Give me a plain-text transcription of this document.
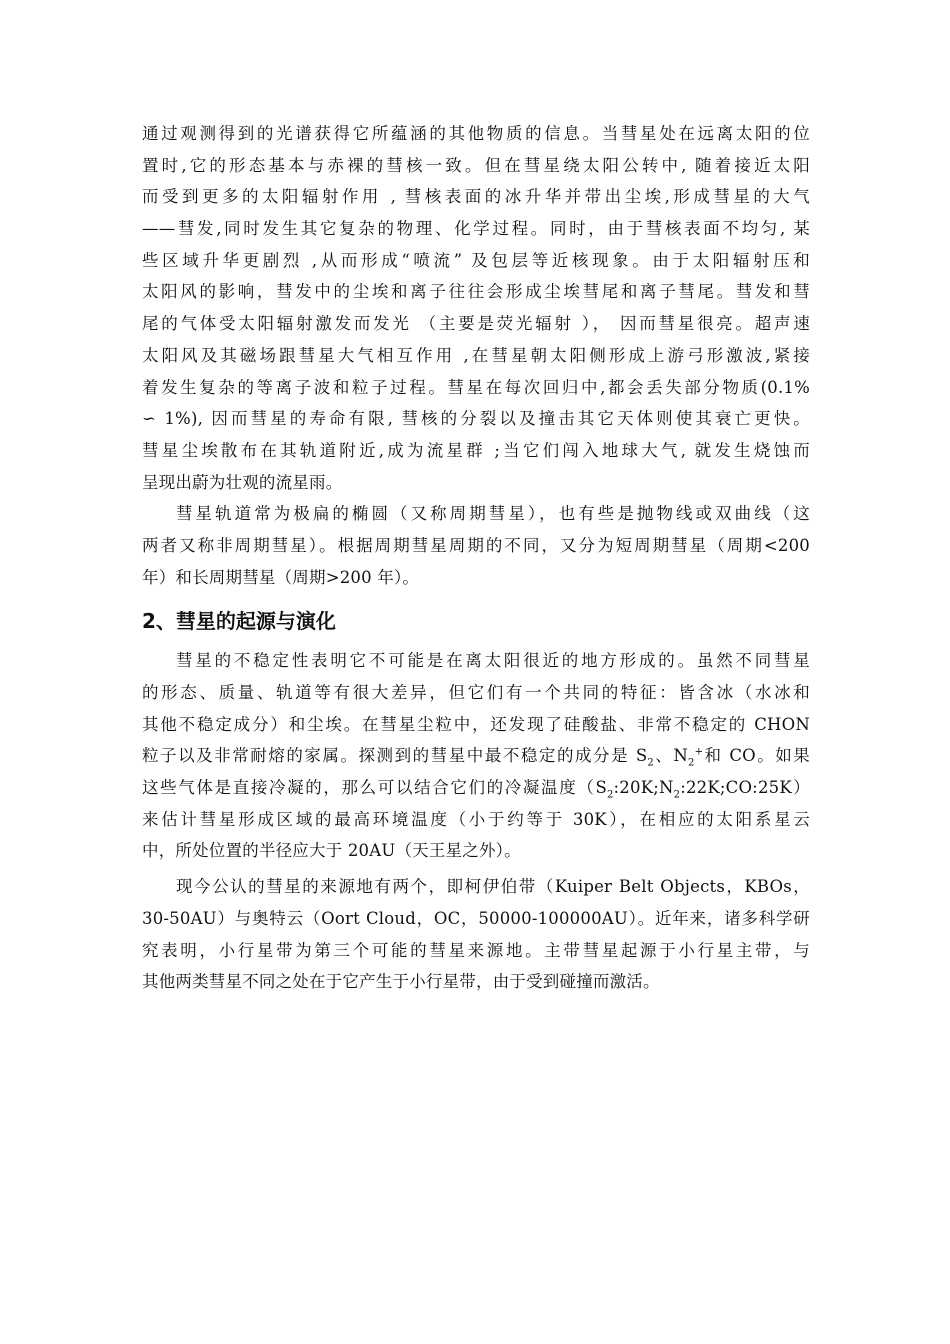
通过观测得到的光谱获得它所蕴涵的其他物质的信息。当彗星处在远离太阳的位
置时,它的形态基本与赤裸的彗核一致。但在彗星绕太阳公转中, 随着接近太阳
而受到更多的太阳辐射作用 , 彗核表面的冰升华并带出尘埃,形成彗星的大气
——彗发,同时发生其它复杂的物理、化学过程。同时，由于彗核表面不均匀, 某
些区域升华更剧烈 ,从而形成“喷流” 及包层等近核现象。由于太阳辐射压和
太阳风的影响，彗发中的尘埃和离子往往会形成尘埃彗尾和离子彗尾。彗发和彗
尾的气体受太阳辐射激发而发光 （主要是荧光辐射 ）， 因而彗星很亮。超声速
太阳风及其磁场跟彗星大气相互作用 ,在彗星朝太阳侧形成上游弓形激波,紧接
着发生复杂的等离子波和粒子过程。彗星在每次回归中,都会丢失部分物质(0.1%
∽ 1%), 因而彗星的寿命有限, 彗核的分裂以及撞击其它天体则使其衰亡更快。
彗星尘埃散布在其轨道附近,成为流星群 ;当它们闯入地球大气, 就发生烧蚀而
呈现出蔚为壮观的流星雨。
彗星轨道常为极扁的椭圆（又称周期彗星），也有些是抛物线或双曲线（这
两者又称非周期彗星）。根据周期彗星周期的不同，又分为短周期彗星（周期<200
年）和长周期彗星（周期>200 年）。
2、彗星的起源与演化
彗星的不稳定性表明它不可能是在离太阳很近的地方形成的。虽然不同彗星
的形态、质量、轨道等有很大差异，但它们有一个共同的特征：皆含冰（水冰和
其他不稳定成分）和尘埃。在彗星尘粒中，还发现了硅酸盐、非常不稳定的 CHON
粒子以及非常耐熔的家属。探测到的彗星中最不稳定的成分是 $S_2$、$N_2^+$和 CO。如果
这些气体是直接冷凝的，那么可以结合它们的冷凝温度$(S_2:20K;N_2:22K;CO:25K)$
来估计彗星形成区域的最高环境温度（小于约等于 30K），在相应的太阳系星云
中，所处位置的半径应大于 20AU（天王星之外）。
现今公认的彗星的来源地有两个，即柯伊伯带（Kuiper Belt Objects，KBOs，
30-50AU）与奥特云（Oort Cloud，OC，50000-100000AU）。近年来，诸多科学研
究表明，小行星带为第三个可能的彗星来源地。主带彗星起源于小行星主带，与
其他两类彗星不同之处在于它产生于小行星带，由于受到碰撞而激活。
